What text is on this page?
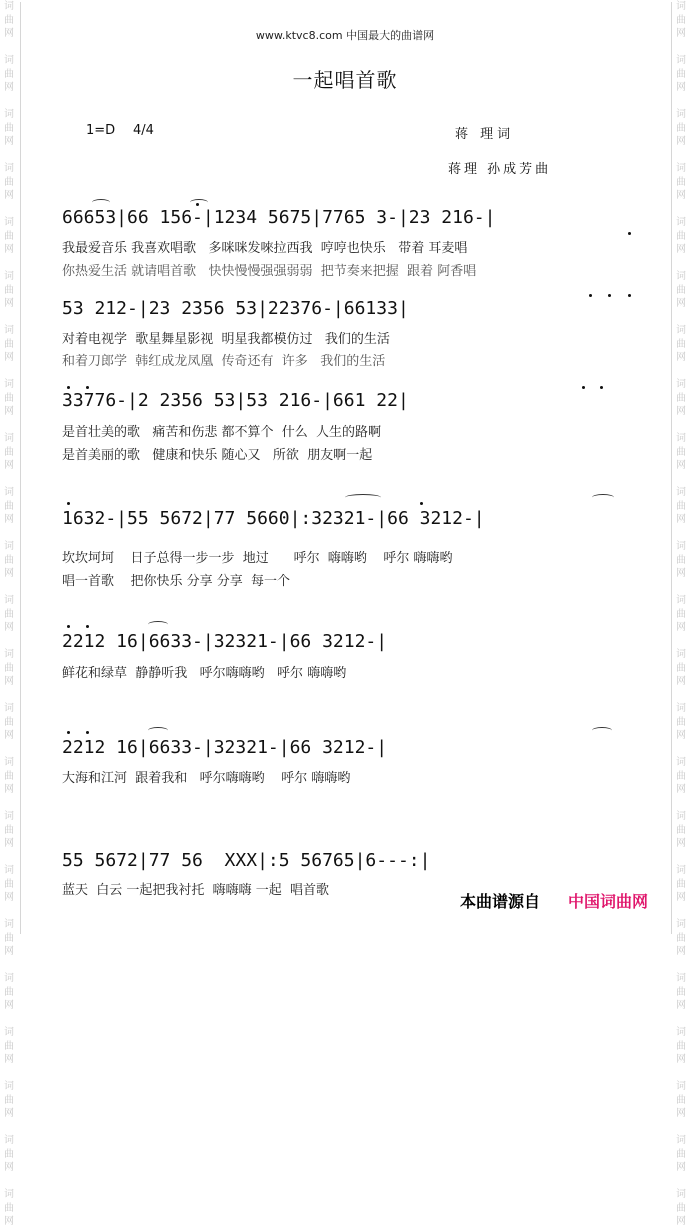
词
曲
网

词
曲
网

词
曲
网

词
曲
网

词
曲
网

词
曲
网

词
曲
网

词
曲
网

词
曲
网

词
曲
网

词
曲
网

词
曲
网

词
曲
网

词
曲
网

词
曲
网

词
曲
网

词
曲
网

词
曲
网

词
曲
网

词
曲
网

词
曲
网

词
曲
网

词
曲
网
词
曲
网

词
曲
网

词
曲
网

词
曲
网

词
曲
网

词
曲
网

词
曲
网

词
曲
网

词
曲
网

词
曲
网

词
曲
网

词
曲
网

词
曲
网

词
曲
网

词
曲
网

词
曲
网

词
曲
网

词
曲
网

词
曲
网

词
曲
网

词
曲
网

词
曲
网

词
曲
网
www.ktvc8.com 中国最大的曲谱网
一起唱首歌
1=D 4/4	蒋 理词
蒋理 孙成芳曲
66653|66 156-|1234 5675|7765 3-|23 216-|
我最爱音乐 我喜欢唱歌   多咪咪发唻拉西我  哼哼也快乐   带着 耳麦唱
你热爱生活 就请唱首歌   快快慢慢强强弱弱  把节奏来把握  跟着 阿香唱
53 212-|23 2356 53|22376-|66133|
对着电视学  歌星舞星影视  明星我都模仿过   我们的生活
和着刀郎学  韩红成龙凤凰  传奇还有  许多   我们的生活
33776-|2 2356 53|53 216-|661 22|
是首壮美的歌   痛苦和伤悲 都不算个  什么  人生的路啊
是首美丽的歌   健康和快乐 随心又   所欲  朋友啊一起
1632-|55 5672|77 5660|:32321-|66 3212-|
坎坎坷坷    日子总得一步一步  地过      呼尔  嗨嗨哟    呼尔 嗨嗨哟
唱一首歌    把你快乐 分享 分享  每一个
2212 16|6633-|32321-|66 3212-|
鲜花和绿草  静静听我   呼尔嗨嗨哟   呼尔 嗨嗨哟
2212 16|6633-|32321-|66 3212-|
大海和江河  跟着我和   呼尔嗨嗨哟    呼尔 嗨嗨哟
55 5672|77 56  XXX|:5 56765|6---:|
蓝天  白云 一起把我衬托  嗨嗨嗨 一起  唱首歌
本曲谱源自 中国词曲网
